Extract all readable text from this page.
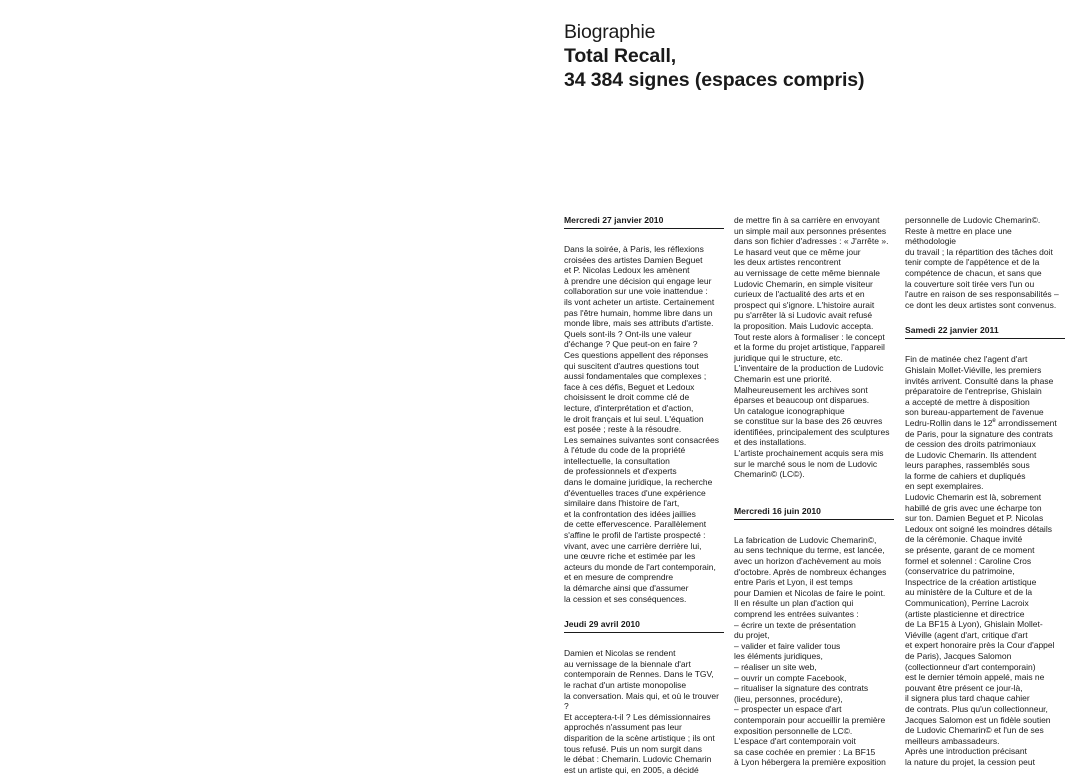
Biographie

Total Recall,

34 384 signes (espaces compris)

Mercredi 27 janvier 2010

Dans la soirée, à Paris, les réflexions
croisées des artistes Damien Beguet
et P. Nicolas Ledoux les amènent
à prendre une décision qui engage leur
collaboration sur une voie inattendue :
ils vont acheter un artiste. Certainement
pas l'être humain, homme libre dans un
monde libre, mais ses attributs d'artiste.
Quels sont-ils ? Ont-ils une valeur
d'échange ? Que peut-on en faire ?
Ces questions appellent des réponses
qui suscitent d'autres questions tout
aussi fondamentales que complexes ;
face à ces défis, Beguet et Ledoux
choisissent le droit comme clé de
lecture, d'interprétation et d'action,
le droit français et lui seul. L'équation
est posée ; reste à la résoudre.
Les semaines suivantes sont consacrées
à l'étude du code de la propriété
intellectuelle, la consultation
de professionnels et d'experts
dans le domaine juridique, la recherche
d'éventuelles traces d'une expérience
similaire dans l'histoire de l'art,
et la confrontation des idées jaillies
de cette effervescence. Parallèlement
s'affine le profil de l'artiste prospecté :
vivant, avec une carrière derrière lui,
une œuvre riche et estimée par les
acteurs du monde de l'art contemporain,
et en mesure de comprendre
la démarche ainsi que d'assumer
la cession et ses conséquences.

Jeudi 29 avril 2010

Damien et Nicolas se rendent
au vernissage de la biennale d'art
contemporain de Rennes. Dans le TGV,
le rachat d'un artiste monopolise
la conversation. Mais qui, et où le trouver ?
Et acceptera-t-il ? Les démissionnaires
approchés n'assument pas leur
disparition de la scène artistique ; ils ont
tous refusé. Puis un nom surgit dans
le débat : Chemarin. Ludovic Chemarin
est un artiste qui, en 2005, a décidé

de mettre fin à sa carrière en envoyant
un simple mail aux personnes présentes
dans son fichier d'adresses : « J'arrête ».
Le hasard veut que ce même jour
les deux artistes rencontrent
au vernissage de cette même biennale
Ludovic Chemarin, en simple visiteur
curieux de l'actualité des arts et en
prospect qui s'ignore. L'histoire aurait
pu s'arrêter là si Ludovic avait refusé
la proposition. Mais Ludovic accepta.
Tout reste alors à formaliser : le concept
et la forme du projet artistique, l'appareil
juridique qui le structure, etc.
L'inventaire de la production de Ludovic
Chemarin est une priorité.
Malheureusement les archives sont
éparses et beaucoup ont disparues.
Un catalogue iconographique
se constitue sur la base des 26 œuvres
identifiées, principalement des sculptures
et des installations.
L'artiste prochainement acquis sera mis
sur le marché sous le nom de Ludovic
Chemarin© (LC©).

Mercredi 16 juin 2010

La fabrication de Ludovic Chemarin©,
au sens technique du terme, est lancée,
avec un horizon d'achèvement au mois
d'octobre. Après de nombreux échanges
entre Paris et Lyon, il est temps
pour Damien et Nicolas de faire le point.
Il en résulte un plan d'action qui
comprend les entrées suivantes :
– écrire un texte de présentation
du projet,
– valider et faire valider tous
les éléments juridiques,
– réaliser un site web,
– ouvrir un compte Facebook,
– ritualiser la signature des contrats
(lieu, personnes, procédure),
– prospecter un espace d'art
contemporain pour accueillir la première
exposition personnelle de LC©.
L'espace d'art contemporain voit
sa case cochée en premier : La BF15
à Lyon hébergera la première exposition

personnelle de Ludovic Chemarin©.
Reste à mettre en place une méthodologie
du travail ; la répartition des tâches doit
tenir compte de l'appétence et de la
compétence de chacun, et sans que
la couverture soit tirée vers l'un ou
l'autre en raison de ses responsabilités –
ce dont les deux artistes sont convenus.

Samedi 22 janvier 2011

Fin de matinée chez l'agent d'art
Ghislain Mollet-Viéville, les premiers
invités arrivent. Consulté dans la phase
préparatoire de l'entreprise, Ghislain
a accepté de mettre à disposition
son bureau-appartement de l'avenue
Ledru-Rollin dans le 12e arrondissement
de Paris, pour la signature des contrats
de cession des droits patrimoniaux
de Ludovic Chemarin. Ils attendent
leurs paraphes, rassemblés sous
la forme de cahiers et dupliqués
en sept exemplaires.
Ludovic Chemarin est là, sobrement
habillé de gris avec une écharpe ton
sur ton. Damien Beguet et P. Nicolas
Ledoux ont soigné les moindres détails
de la cérémonie. Chaque invité
se présente, garant de ce moment
formel et solennel : Caroline Cros
(conservatrice du patrimoine,
Inspectrice de la création artistique
au ministère de la Culture et de la
Communication), Perrine Lacroix
(artiste plasticienne et directrice
de La BF15 à Lyon), Ghislain Mollet-
Viéville (agent d'art, critique d'art
et expert honoraire près la Cour d'appel
de Paris), Jacques Salomon
(collectionneur d'art contemporain)
est le dernier témoin appelé, mais ne
pouvant être présent ce jour-là,
il signera plus tard chaque cahier
de contrats. Plus qu'un collectionneur,
Jacques Salomon est un fidèle soutien
de Ludovic Chemarin© et l'un de ses
meilleurs ambassadeurs.
Après une introduction précisant
la nature du projet, la cession peut
